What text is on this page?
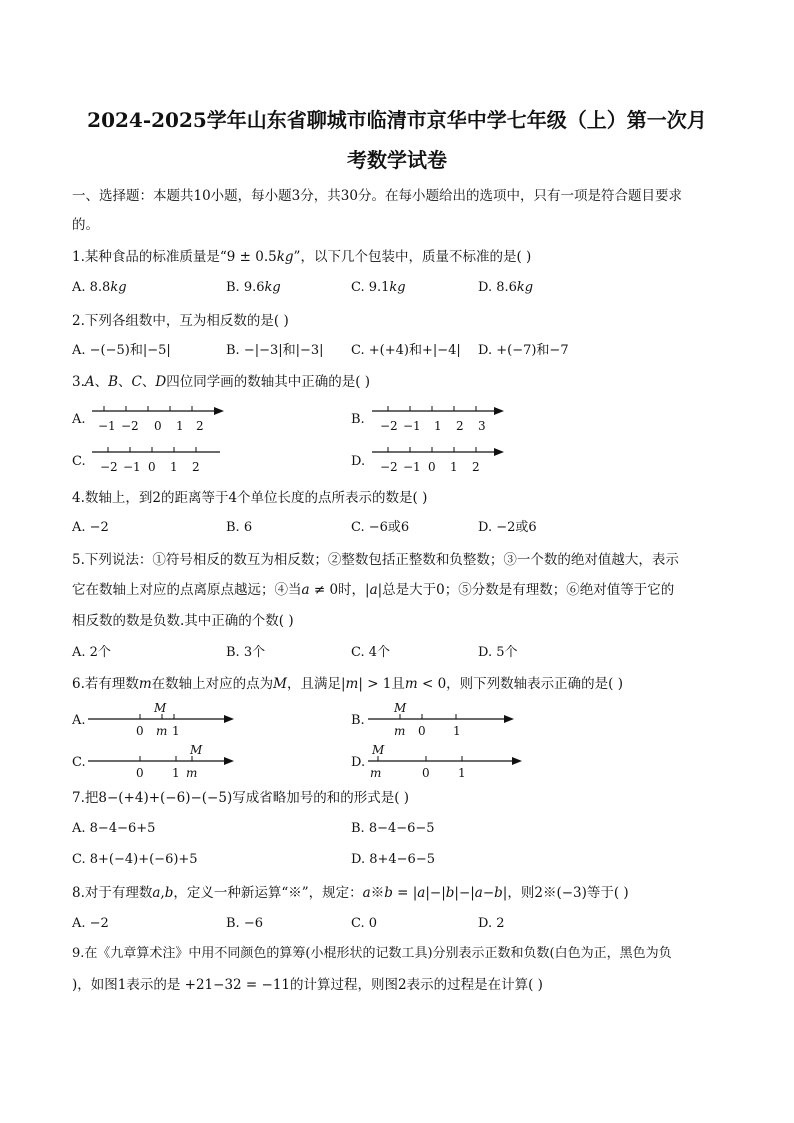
2024-2025学年山东省聊城市临清市京华中学七年级（上）第一次月
考数学试卷
一、选择题：本题共10小题，每小题3分，共30分。在每小题给出的选项中，只有一项是符合题目要求
的。
1.某种食品的标准质量是“9 ± 0.5𝑘𝑔”，以下几个包装中，质量不标准的是( )
A. 8.8𝑘𝑔	B. 9.6𝑘𝑔	C. 9.1𝑘𝑔	D. 8.6𝑘𝑔
2.下列各组数中，互为相反数的是( )
A. −(−5)和|−5|	B. −|−3|和|−3| C. +(+4)和+|−4| D. +(−7)和−7
3.𝐴、𝐵、𝐶、𝐷四位同学画的数轴其中正确的是( )
A. −1 −2 0 1 2	B. −2 −1 1 2 3
C. −2 −1 0 1 2	D. −2 −1 0 1 2
4.数轴上，到2的距离等于4个单位长度的点所表示的数是( )
A. −2	B. 6	C. −6或6	D. −2或6
5.下列说法：①符号相反的数互为相反数；②整数包括正整数和负整数；③一个数的绝对值越大，表示
它在数轴上对应的点离原点越远；④当𝑎 ≠ 0时，|𝑎|总是大于0；⑤分数是有理数；⑥绝对值等于它的
相反数的数是负数.其中正确的个数( )
A. 2个	B. 3个	C. 4个	D. 5个
6.若有理数𝑚在数轴上对应的点为𝑀，且满足|𝑚| > 1且𝑚 < 0，则下列数轴表示正确的是( )
A.
M
0 m 1
B.
M
m 0 1
C.
M
0 1 m
D.
M
m	0 1
7.把8−(+4)+(−6)−(−5)写成省略加号的和的形式是( )
A. 8−4−6+5	B. 8−4−6−5
C. 8+(−4)+(−6)+5	D. 8+4−6−5
8.对于有理数𝑎,𝑏，定义一种新运算“※”，规定：𝑎※𝑏 = |𝑎|−|𝑏|−|𝑎−𝑏|，则2※(−3)等于( )
A. −2	B. −6	C. 0	D. 2
9.在《九章算术注》中用不同颜色的算筹(小棍形状的记数工具)分别表示正数和负数(白色为正，黑色为负
)，如图1表示的是 +21−32 = −11的计算过程，则图2表示的过程是在计算( )
